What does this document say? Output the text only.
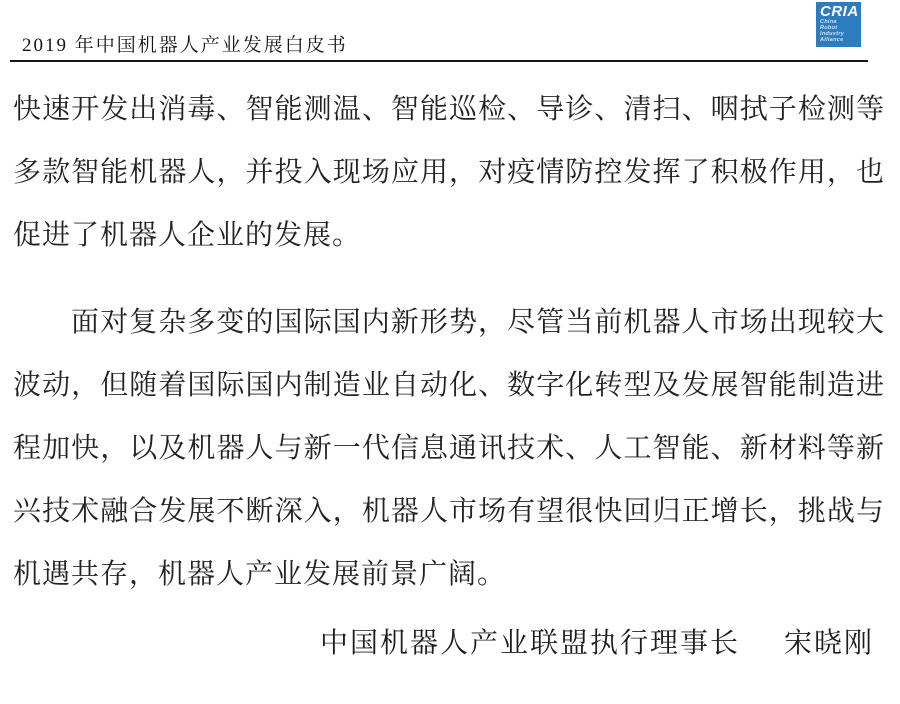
2019 年中国机器人产业发展白皮书
CRIA
China
Robot
Industry
Alliance

快速开发出消毒、智能测温、智能巡检、导诊、清扫、咽拭子检测等多款智能机器人，并投入现场应用，对疫情防控发挥了积极作用，也促进了机器人企业的发展。

面对复杂多变的国际国内新形势，尽管当前机器人市场出现较大波动，但随着国际国内制造业自动化、数字化转型及发展智能制造进程加快，以及机器人与新一代信息通讯技术、人工智能、新材料等新兴技术融合发展不断深入，机器人市场有望很快回归正增长，挑战与机遇共存，机器人产业发展前景广阔。

中国机器人产业联盟执行理事长 宋晓刚
